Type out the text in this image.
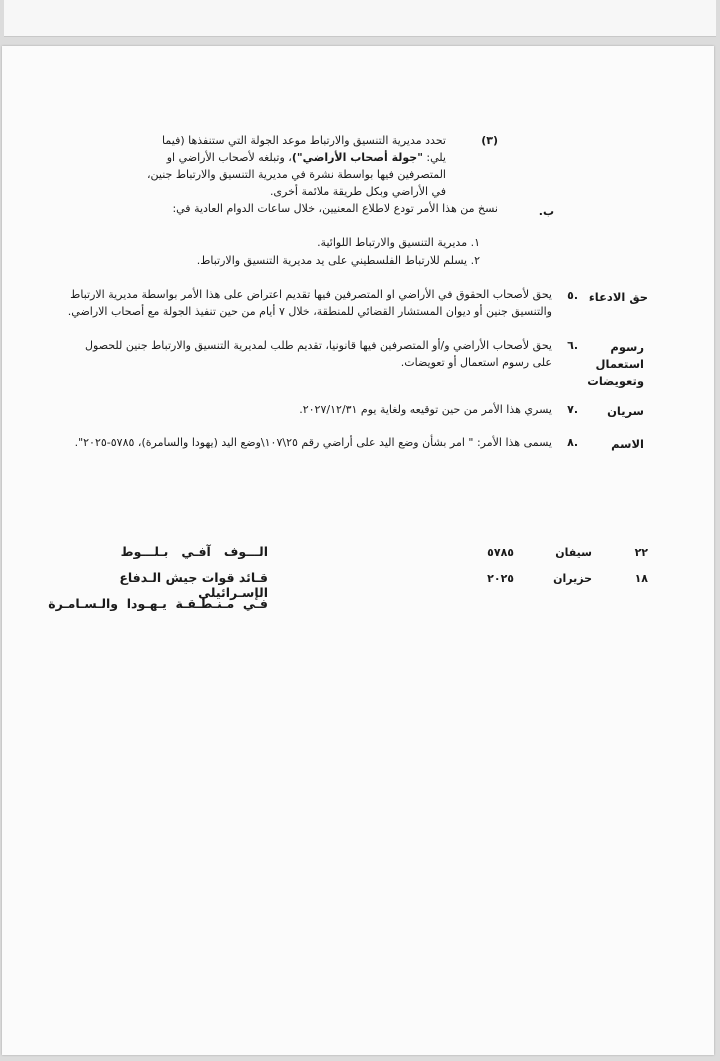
(٣)
تحدد مديرية التنسيق والارتباط موعد الجولة التي ستنفذها (فيما يلي: "جولة أصحاب الأراضي")، وتبلغه لأصحاب الأراضي او المتصرفين فيها بواسطة نشرة في مديرية التنسيق والارتباط جنين، في الأراضي وبكل طريقة ملائمة أخرى.
ب.
نسخ من هذا الأمر تودع لاطلاع المعنيين، خلال ساعات الدوام العادية في:
١. مديرية التنسيق والارتباط اللوائية.
٢. يسلم للارتباط الفلسطيني على يد مديرية التنسيق والارتباط.
حق الادعاء
٥.
يحق لأصحاب الحقوق في الأراضي او المتصرفين فيها تقديم اعتراض على هذا الأمر بواسطة مديرية الارتباط والتنسيق جنين أو ديوان المستشار القضائي للمنطقة، خلال ٧ أيام من حين تنفيذ الجولة مع أصحاب الاراضي.
رسوم استعمال وتعويضات
٦.
يحق لأصحاب الأراضي و/أو المتصرفين فيها قانونيا، تقديم طلب لمديرية التنسيق والارتباط جنين للحصول على رسوم استعمال أو تعويضات.
سريان
٧.
يسري هذا الأمر من حين توقيعه ولغاية يوم ٢٠٢٧/١٢/٣١.
الاسم
٨.
يسمى هذا الأمر: " امر بشأن وضع اليد على أراضي رقم ٢٥\١٠٧\وضع اليد (يهودا والسامرة)، ٥٧٨٥-٢٠٢٥".
٢٢
سيفان
٥٧٨٥
١٨
حزيران
٢٠٢٥
الـــوف   آفـي   بـلـــوط
قـائد قوات جيش الـدفاع الإسـرائيلي
فـي  مـنـطـقـة  يـهـودا  والـسـامـرة
